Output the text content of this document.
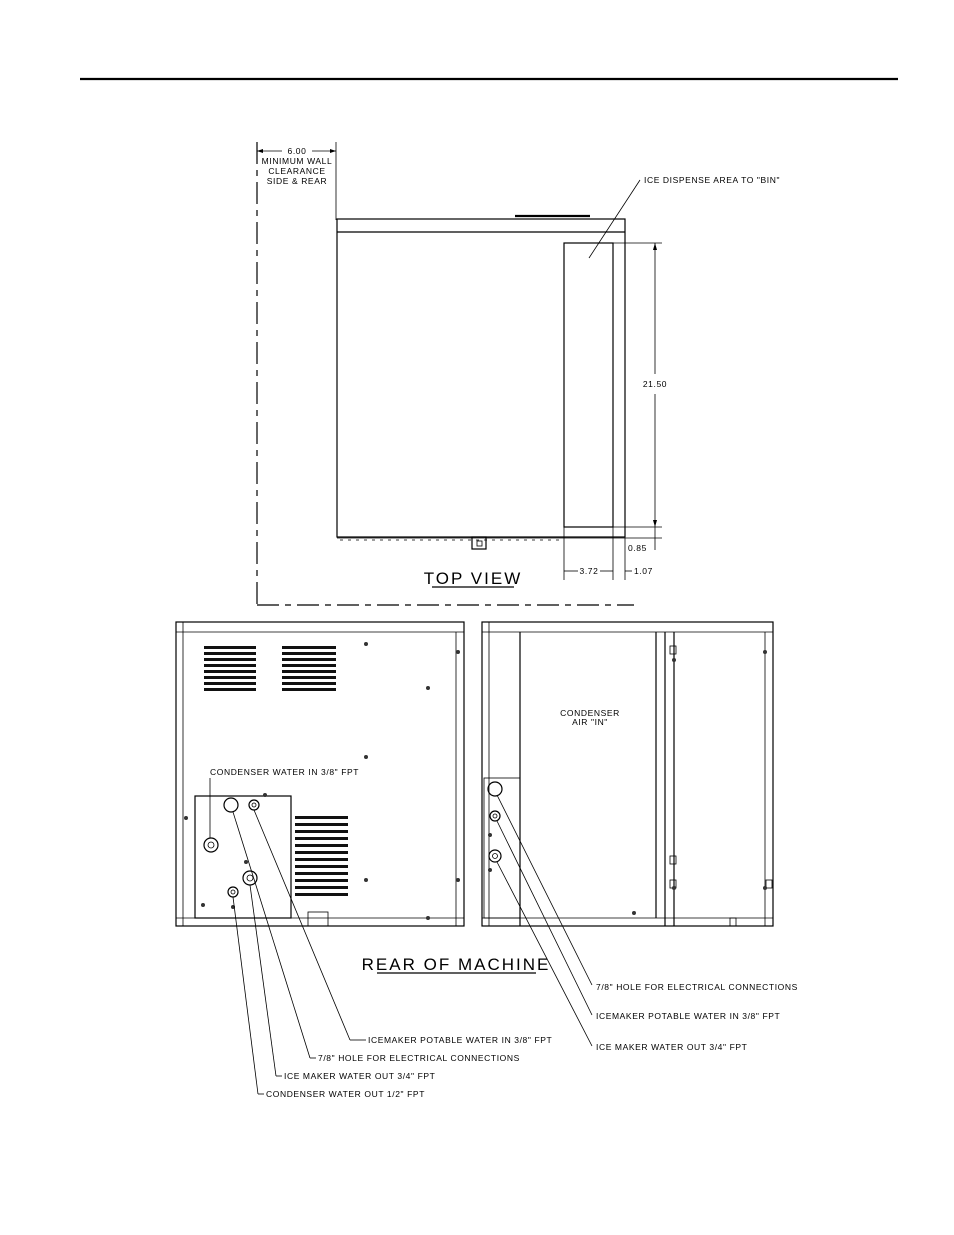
6.00
MINIMUM WALL
CLEARANCE
SIDE & REAR	ICE DISPENSE AREA TO "BIN"
21.50
0.85
3.72	1.07
TOP VIEW
CONDENSER
AIR "IN"
REAR OF MACHINE
CONDENSER WATER IN 3/8" FPT
ICEMAKER POTABLE WATER IN 3/8" FPT
7/8" HOLE FOR ELECTRICAL CONNECTIONS
ICE MAKER WATER OUT 3/4" FPT
CONDENSER WATER OUT 1/2" FPT
7/8" HOLE FOR ELECTRICAL CONNECTIONS
ICEMAKER POTABLE WATER IN 3/8" FPT
ICE MAKER WATER OUT 3/4" FPT
